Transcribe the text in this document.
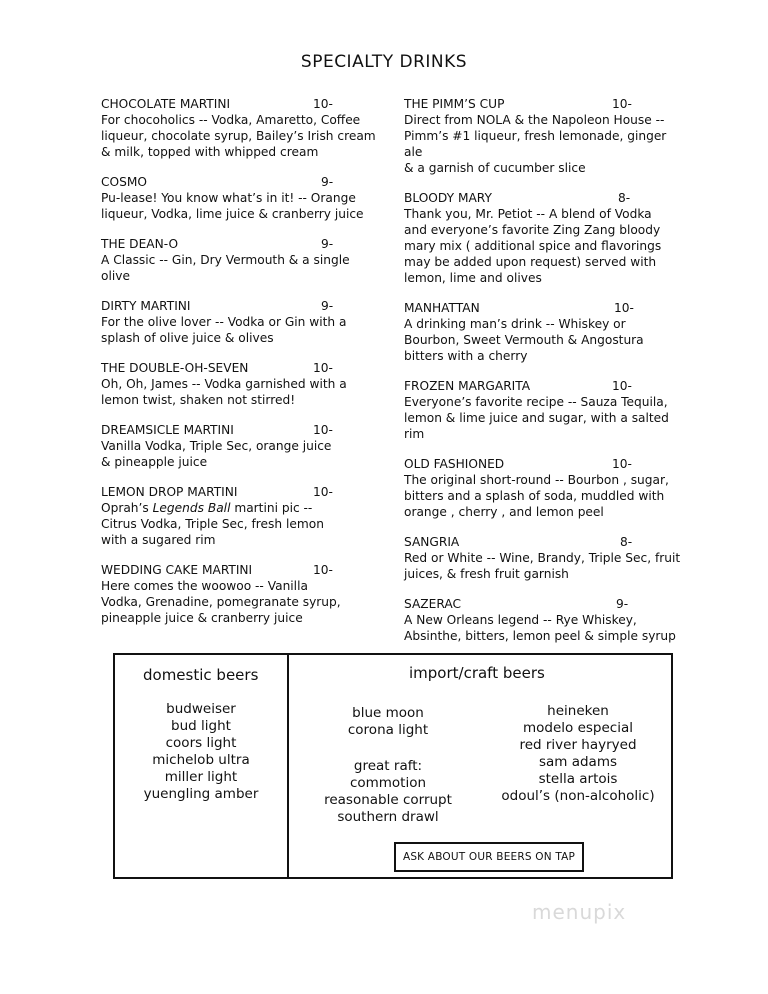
SPECIALTY DRINKS
CHOCOLATE MARTINI	10-
For chocoholics -- Vodka, Amaretto, Coffee
liqueur, chocolate syrup, Bailey’s Irish cream
& milk, topped with whipped cream
COSMO	9-
Pu-lease! You know what’s in it! -- Orange
liqueur, Vodka, lime juice & cranberry juice
THE DEAN-O	9-
A Classic -- Gin, Dry Vermouth & a single olive
DIRTY MARTINI	9-
For the olive lover -- Vodka or Gin with a
splash of olive juice & olives
THE DOUBLE-OH-SEVEN	10-
Oh, Oh, James -- Vodka garnished with a
lemon twist, shaken not stirred!
DREAMSICLE MARTINI	10-
Vanilla Vodka, Triple Sec, orange juice
& pineapple juice
LEMON DROP MARTINI	10-
Oprah’s Legends Ball martini pic --
Citrus Vodka, Triple Sec, fresh lemon
with a sugared rim
WEDDING CAKE MARTINI	10-
Here comes the woowoo -- Vanilla
Vodka, Grenadine, pomegranate syrup,
pineapple juice & cranberry juice
THE PIMM’S CUP	10-
Direct from NOLA & the Napoleon House --
Pimm’s #1 liqueur, fresh lemonade, ginger ale
& a garnish of cucumber slice
BLOODY MARY	8-
Thank you, Mr. Petiot -- A blend of Vodka
and everyone’s favorite Zing Zang bloody
mary mix ( additional spice and flavorings
may be added upon request) served with
lemon, lime and olives
MANHATTAN	10-
A drinking man’s drink -- Whiskey or
Bourbon, Sweet Vermouth & Angostura
bitters with a cherry
FROZEN MARGARITA	10-
Everyone’s favorite recipe -- Sauza Tequila,
lemon & lime juice and sugar, with a salted
rim
OLD FASHIONED	10-
The original short-round -- Bourbon , sugar,
bitters and a splash of soda, muddled with
orange , cherry , and lemon peel
SANGRIA	8-
Red or White -- Wine, Brandy, Triple Sec, fruit
juices, & fresh fruit garnish
SAZERAC	9-
A New Orleans legend -- Rye Whiskey,
Absinthe, bitters, lemon peel & simple syrup
domestic beers
budweiser
bud light
coors light
michelob ultra
miller light
yuengling amber
import/craft beers
blue moon
corona light
great raft:
commotion
reasonable corrupt
southern drawl
heineken
modelo especial
red river hayryed
sam adams
stella artois
odoul’s (non-alcoholic)
ASK ABOUT OUR BEERS ON TAP
menupix
